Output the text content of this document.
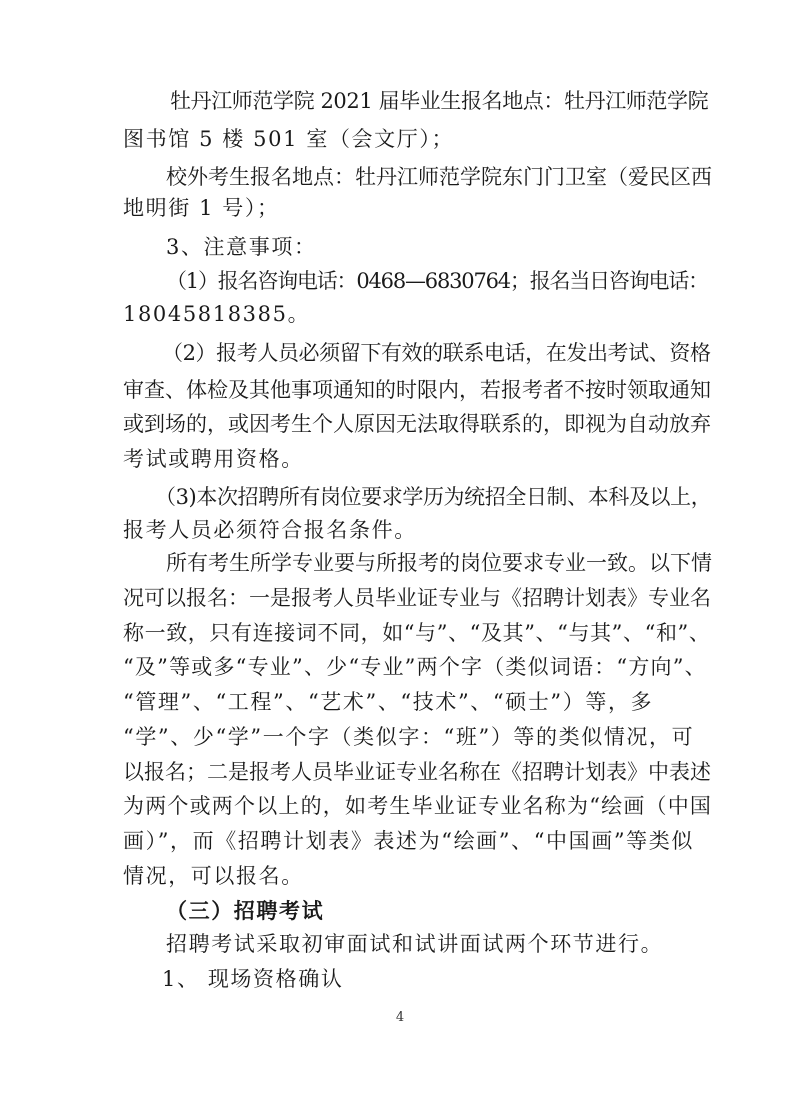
牡丹江师范学院 2021 届毕业生报名地点：牡丹江师范学院
图书馆 5 楼 501 室（会文厅）；
校外考生报名地点：牡丹江师范学院东门门卫室（爱民区西
地明街 1 号）；
3、注意事项：
（1）报名咨询电话：0468—6830764；报名当日咨询电话：
18045818385。
（2）报考人员必须留下有效的联系电话，在发出考试、资格
审查、体检及其他事项通知的时限内，若报考者不按时领取通知
或到场的，或因考生个人原因无法取得联系的，即视为自动放弃
考试或聘用资格。
（3)本次招聘所有岗位要求学历为统招全日制、本科及以上，
报考人员必须符合报名条件。
所有考生所学专业要与所报考的岗位要求专业一致。以下情
况可以报名：一是报考人员毕业证专业与《招聘计划表》专业名
称一致，只有连接词不同，如“与”、“及其”、“与其”、“和”、
“及”等或多“专业”、少“专业”两个字（类似词语：“方向”、
“管理”、“工程”、“艺术”、“技术”、“硕士”）等，多
“学”、少“学”一个字（类似字：“班”）等的类似情况，可
以报名；二是报考人员毕业证专业名称在《招聘计划表》中表述
为两个或两个以上的，如考生毕业证专业名称为“绘画（中国
画）”，而《招聘计划表》表述为“绘画”、“中国画”等类似
情况，可以报名。
（三）招聘考试
招聘考试采取初审面试和试讲面试两个环节进行。
1、 现场资格确认
4
